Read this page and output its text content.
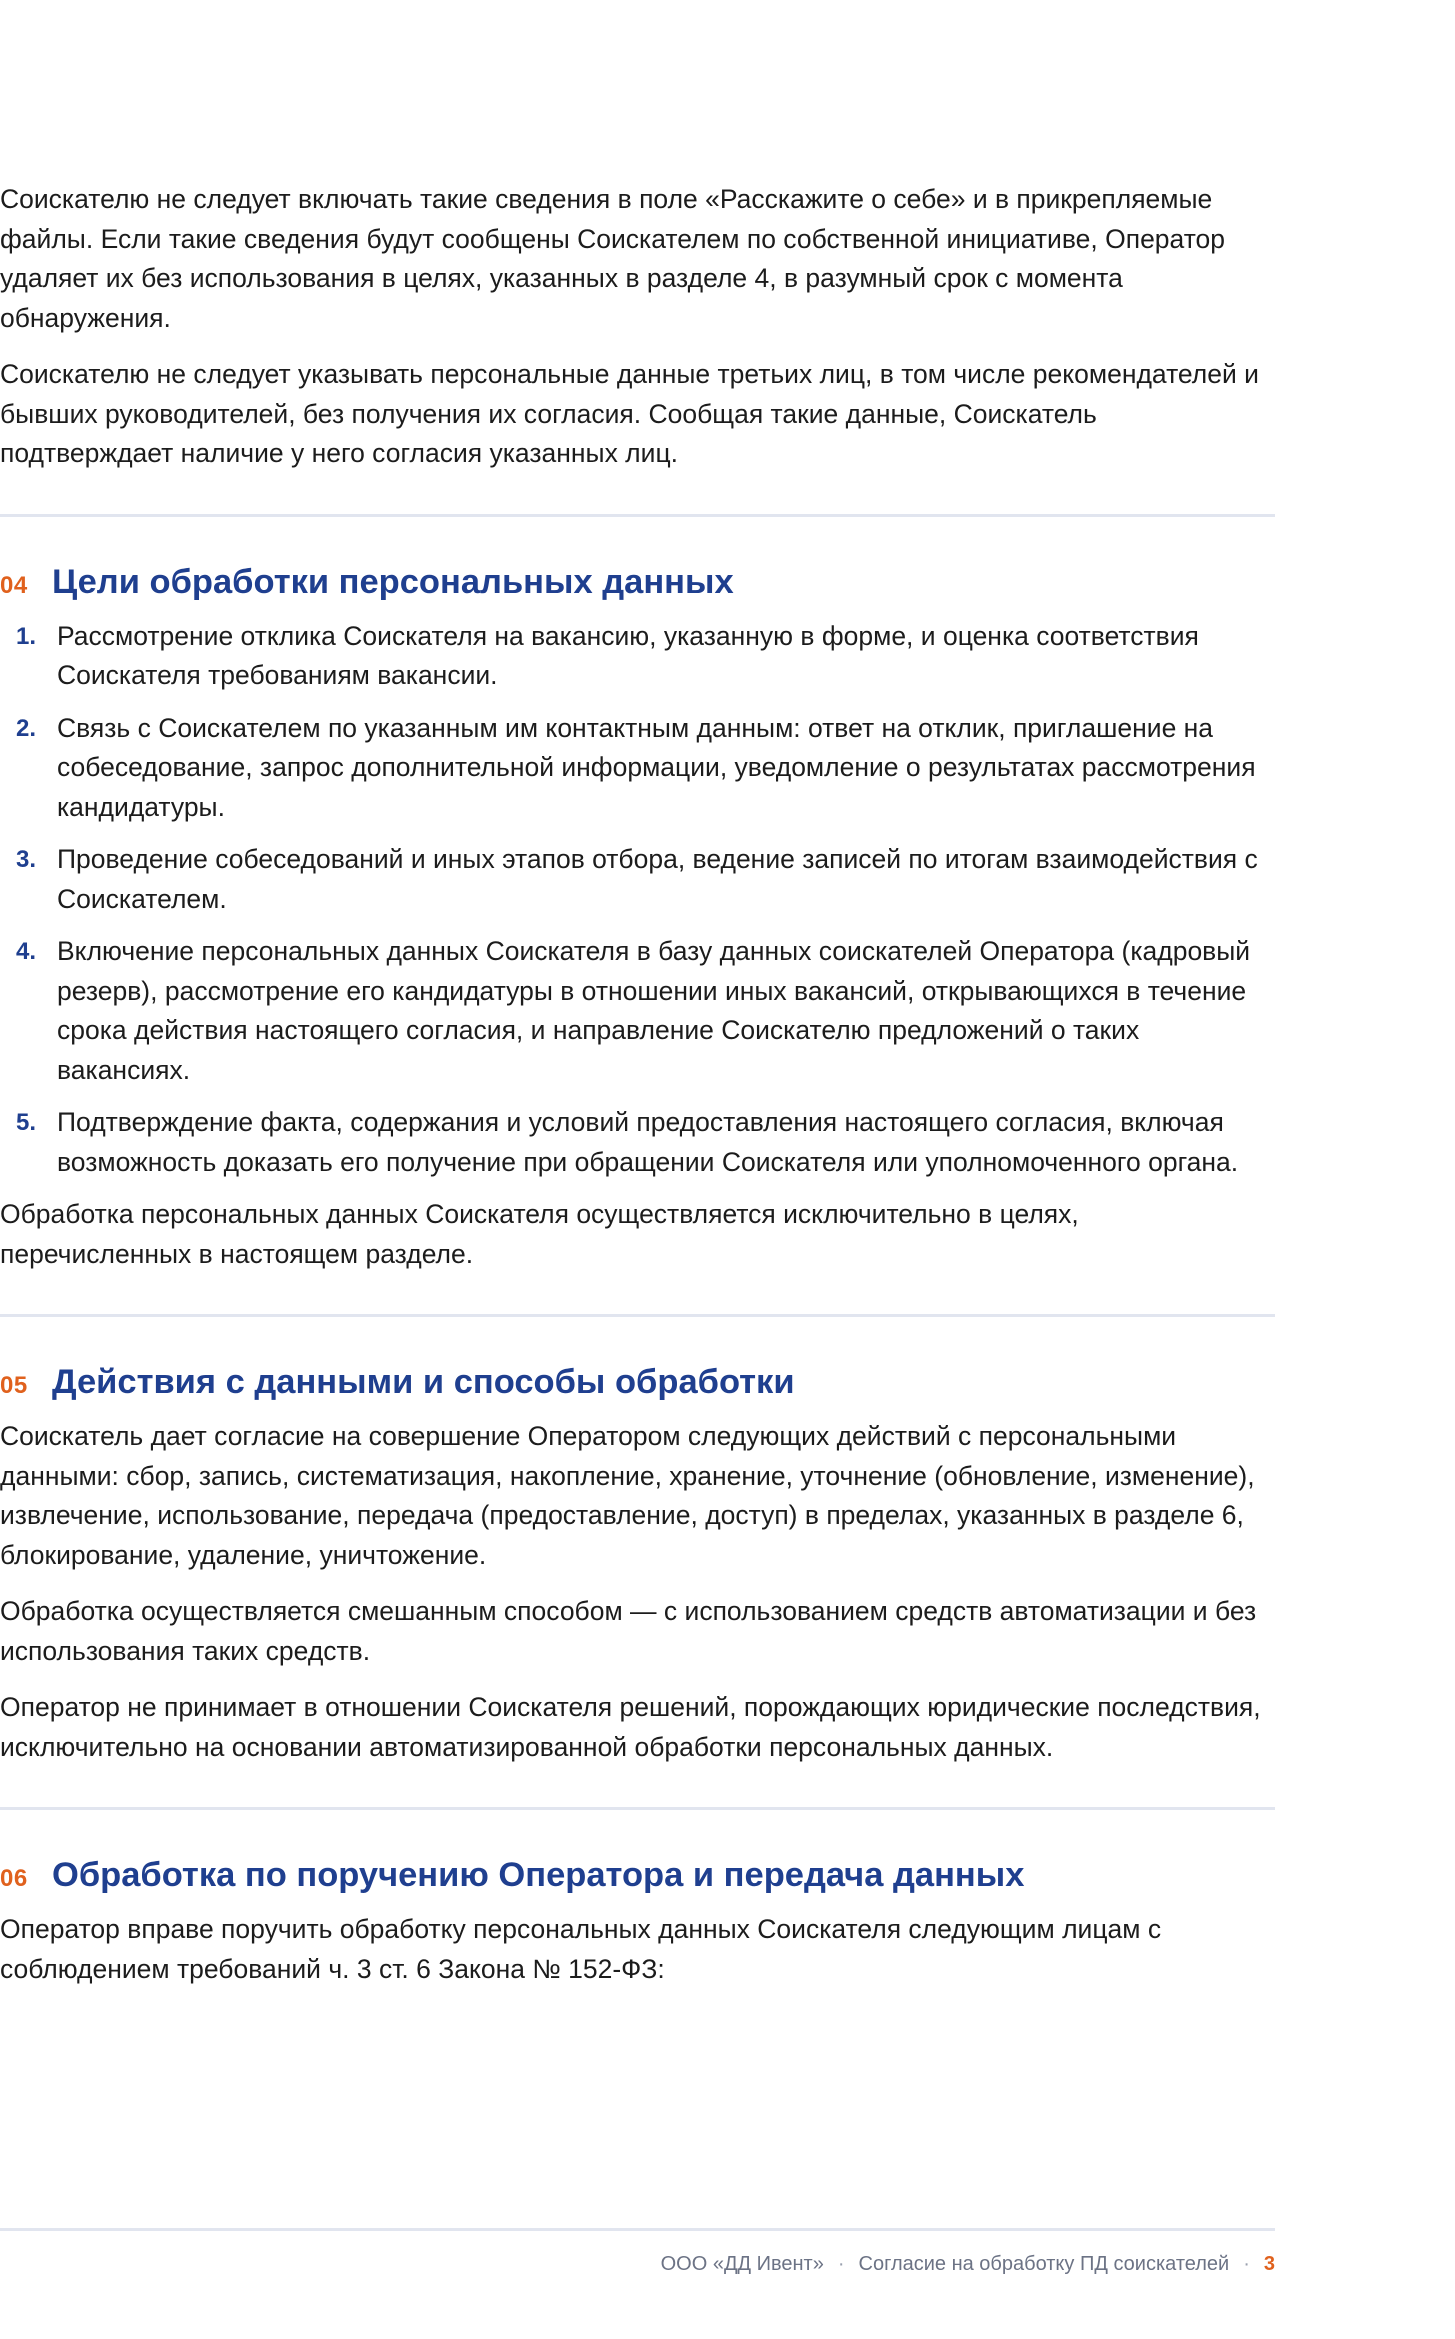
Соискателю не следует включать такие сведения в поле «Расскажите о себе» и в прикрепляемые файлы. Если такие сведения будут сообщены Соискателем по собственной инициативе, Оператор удаляет их без использования в целях, указанных в разделе 4, в разумный срок с момента обнаружения.

Соискателю не следует указывать персональные данные третьих лиц, в том числе рекомендателей и бывших руководителей, без получения их согласия. Сообщая такие данные, Соискатель подтверждает наличие у него согласия указанных лиц.

04 Цели обработки персональных данных
1. Рассмотрение отклика Соискателя на вакансию, указанную в форме, и оценка соответствия Соискателя требованиям вакансии.
2. Связь с Соискателем по указанным им контактным данным: ответ на отклик, приглашение на собеседование, запрос дополнительной информации, уведомление о результатах рассмотрения кандидатуры.
3. Проведение собеседований и иных этапов отбора, ведение записей по итогам взаимодействия с Соискателем.
4. Включение персональных данных Соискателя в базу данных соискателей Оператора (кадровый резерв), рассмотрение его кандидатуры в отношении иных вакансий, открывающихся в течение срока действия настоящего согласия, и направление Соискателю предложений о таких вакансиях.
5. Подтверждение факта, содержания и условий предоставления настоящего согласия, включая возможность доказать его получение при обращении Соискателя или уполномоченного органа.

Обработка персональных данных Соискателя осуществляется исключительно в целях, перечисленных в настоящем разделе.

05 Действия с данными и способы обработки

Соискатель дает согласие на совершение Оператором следующих действий с персональными данными: сбор, запись, систематизация, накопление, хранение, уточнение (обновление, изменение), извлечение, использование, передача (предоставление, доступ) в пределах, указанных в разделе 6, блокирование, удаление, уничтожение.

Обработка осуществляется смешанным способом — с использованием средств автоматизации и без использования таких средств.

Оператор не принимает в отношении Соискателя решений, порождающих юридические последствия, исключительно на основании автоматизированной обработки персональных данных.

06 Обработка по поручению Оператора и передача данных

Оператор вправе поручить обработку персональных данных Соискателя следующим лицам с соблюдением требований ч. 3 ст. 6 Закона № 152-ФЗ:

ООО «ДД Ивент» · Согласие на обработку ПД соискателей · 3
